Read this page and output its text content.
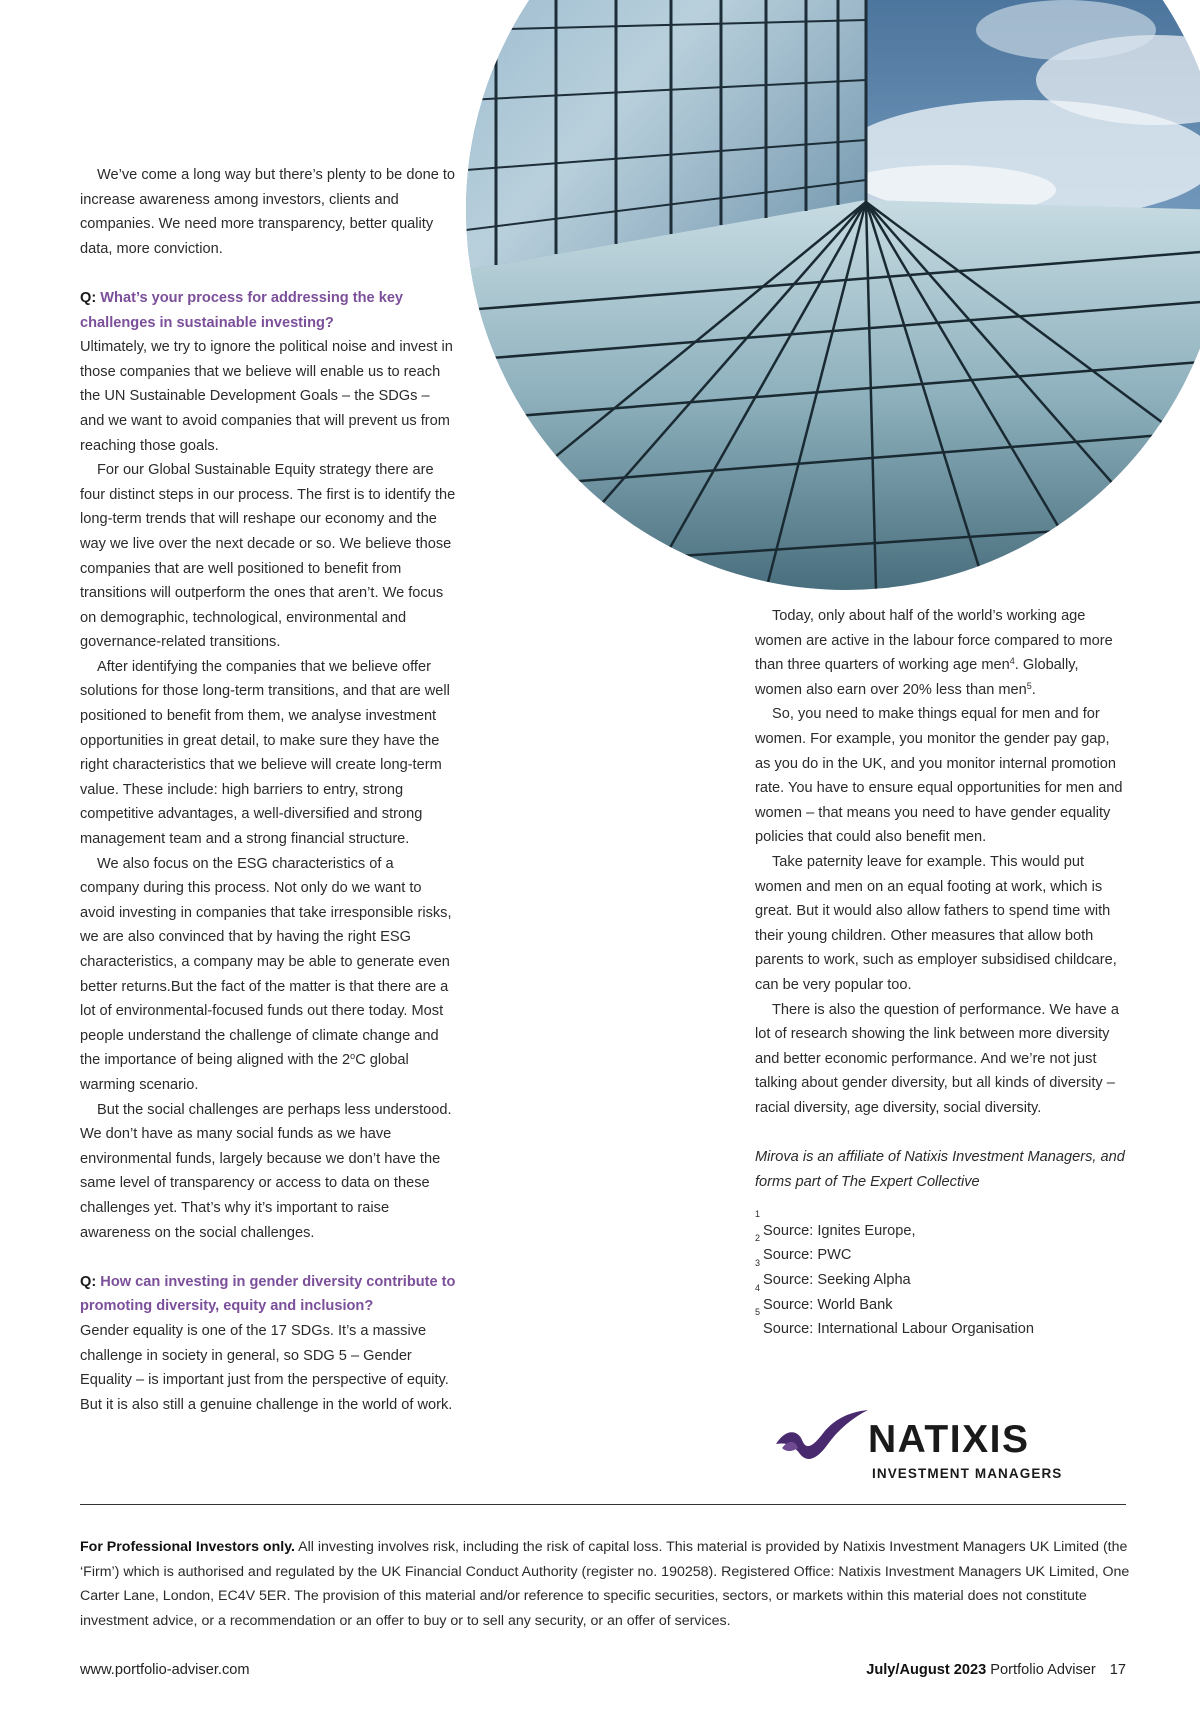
We’ve come a long way but there’s plenty to be done to increase awareness among investors, clients and companies. We need more transparency, better quality data, more conviction.

Q: What’s your process for addressing the key challenges in sustainable investing?

Ultimately, we try to ignore the political noise and invest in those companies that we believe will enable us to reach the UN Sustainable Development Goals – the SDGs – and we want to avoid companies that will prevent us from reaching those goals.

For our Global Sustainable Equity strategy there are four distinct steps in our process. The first is to identify the long-term trends that will reshape our economy and the way we live over the next decade or so. We believe those companies that are well positioned to benefit from transitions will outperform the ones that aren’t. We focus on demographic, technological, environmental and governance-related transitions.

After identifying the companies that we believe offer solutions for those long-term transitions, and that are well positioned to benefit from them, we analyse investment opportunities in great detail, to make sure they have the right characteristics that we believe will create long-term value. These include: high barriers to entry, strong competitive advantages, a well-diversified and strong management team and a strong financial structure.

We also focus on the ESG characteristics of a company during this process. Not only do we want to avoid investing in companies that take irresponsible risks, we are also convinced that by having the right ESG characteristics, a company may be able to generate even better returns.But the fact of the matter is that there are a lot of environmental-focused funds out there today. Most people understand the challenge of climate change and the importance of being aligned with the 2$^o$C global warming scenario.

But the social challenges are perhaps less understood. We don’t have as many social funds as we have environmental funds, largely because we don’t have the same level of transparency or access to data on these challenges yet. That’s why it’s important to raise awareness on the social challenges.

Q: How can investing in gender diversity contribute to promoting diversity, equity and inclusion?

Gender equality is one of the 17 SDGs. It’s a massive challenge in society in general, so SDG 5 – Gender Equality – is important just from the perspective of equity. But it is also still a genuine challenge in the world of work.

Today, only about half of the world’s working age women are active in the labour force compared to more than three quarters of working age men$^4$. Globally, women also earn over 20% less than men$^5$.

So, you need to make things equal for men and for women. For example, you monitor the gender pay gap, as you do in the UK, and you monitor internal promotion rate. You have to ensure equal opportunities for men and women – that means you need to have gender equality policies that could also benefit men.

Take paternity leave for example. This would put women and men on an equal footing at work, which is great. But it would also allow fathers to spend time with their young children. Other measures that allow both parents to work, such as employer subsidised childcare, can be very popular too.

There is also the question of performance. We have a lot of research showing the link between more diversity and better economic performance. And we’re not just talking about gender diversity, but all kinds of diversity – racial diversity, age diversity, social diversity.

Mirova is an affiliate of Natixis Investment Managers, and forms part of The Expert Collective

$^1$
Source: Ignites Europe,
$^2$
Source: PWC
$^3$
Source: Seeking Alpha
$^4$
Source: World Bank
$^5$
Source: International Labour Organisation
NATIXIS
INVESTMENT MANAGERS
For Professional Investors only. All investing involves risk, including the risk of capital loss. This material is provided by Natixis Investment Managers UK Limited (the ‘Firm’) which is authorised and regulated by the UK Financial Conduct Authority (register no. 190258). Registered Office: Natixis Investment Managers UK Limited, One Carter Lane, London, EC4V 5ER. The provision of this material and/or reference to specific securities, sectors, or markets within this material does not constitute investment advice, or a recommendation or an offer to buy or to sell any security, or an offer of services.
www.portfolio-adviser.com	July/August 2023 Portfolio Adviser 17
